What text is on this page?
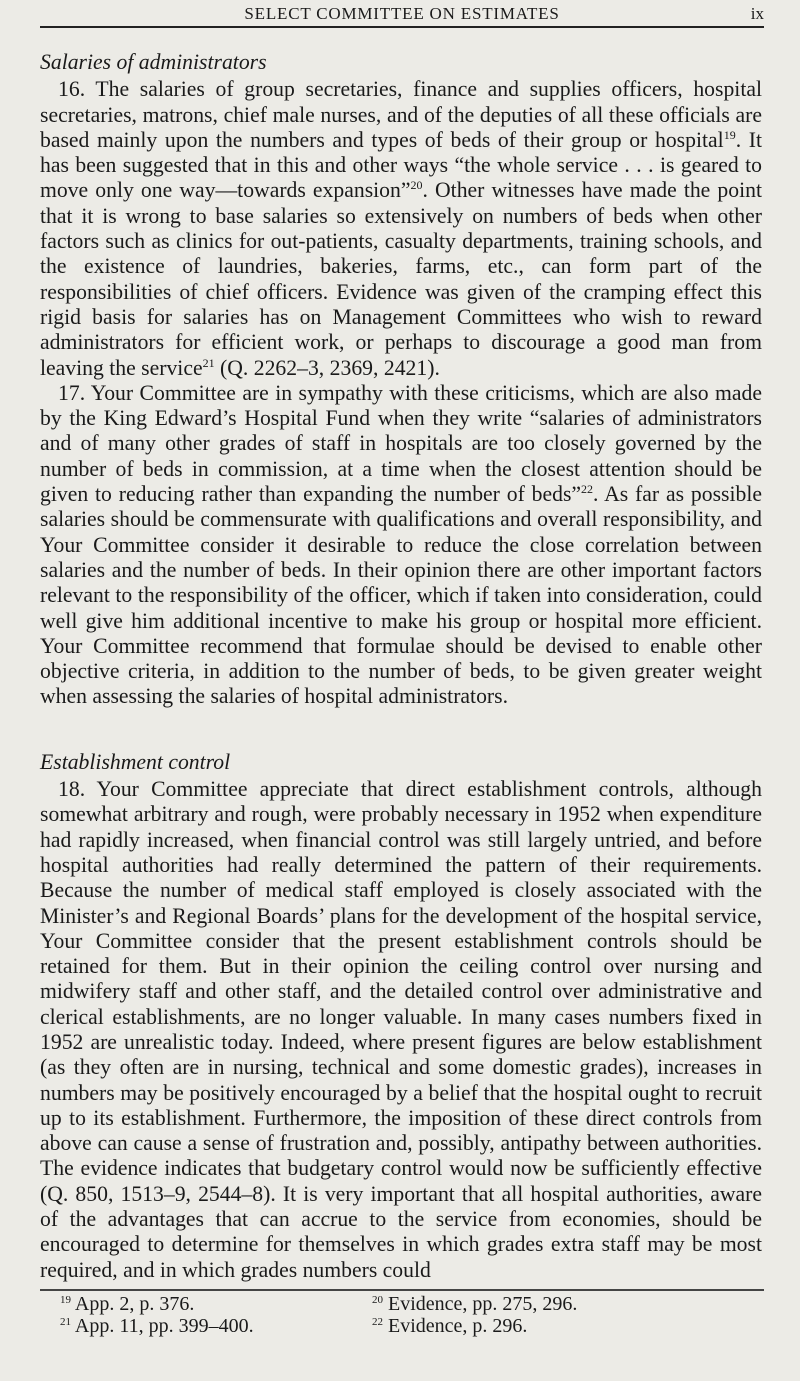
SELECT COMMITTEE ON ESTIMATES	ix
Salaries of administrators

16. The salaries of group secretaries, finance and supplies officers, hospital secretaries, matrons, chief male nurses, and of the deputies of all these officials are based mainly upon the numbers and types of beds of their group or hospital$^{19}$. It has been suggested that in this and other ways “the whole service . . . is geared to move only one way—towards expansion”$^{20}$. Other witnesses have made the point that it is wrong to base salaries so extensively on numbers of beds when other factors such as clinics for out-patients, casualty departments, training schools, and the existence of laundries, bakeries, farms, etc., can form part of the responsibilities of chief officers. Evidence was given of the cramping effect this rigid basis for salaries has on Management Committees who wish to reward administrators for efficient work, or perhaps to discourage a good man from leaving the service$^{21}$ (Q. 2262–3, 2369, 2421).

17. Your Committee are in sympathy with these criticisms, which are also made by the King Edward’s Hospital Fund when they write “salaries of administrators and of many other grades of staff in hospitals are too closely governed by the number of beds in commission, at a time when the closest attention should be given to reducing rather than expanding the number of beds”$^{22}$. As far as possible salaries should be commensurate with qualifications and overall responsibility, and Your Committee consider it desirable to reduce the close correlation between salaries and the number of beds. In their opinion there are other important factors relevant to the responsibility of the officer, which if taken into consideration, could well give him additional incentive to make his group or hospital more efficient. Your Committee recommend that formulae should be devised to enable other objective criteria, in addition to the number of beds, to be given greater weight when assessing the salaries of hospital administrators.

Establishment control

18. Your Committee appreciate that direct establishment controls, although somewhat arbitrary and rough, were probably necessary in 1952 when expenditure had rapidly increased, when financial control was still largely untried, and before hospital authorities had really determined the pattern of their requirements. Because the number of medical staff employed is closely associated with the Minister’s and Regional Boards’ plans for the development of the hospital service, Your Committee consider that the present establishment controls should be retained for them. But in their opinion the ceiling control over nursing and midwifery staff and other staff, and the detailed control over administrative and clerical establishments, are no longer valuable. In many cases numbers fixed in 1952 are unrealistic today. Indeed, where present figures are below establishment (as they often are in nursing, technical and some domestic grades), increases in numbers may be positively encouraged by a belief that the hospital ought to recruit up to its establishment. Furthermore, the imposition of these direct controls from above can cause a sense of frustration and, possibly, antipathy between authorities. The evidence indicates that budgetary control would now be sufficiently effective (Q. 850, 1513–9, 2544–8). It is very important that all hospital authorities, aware of the advantages that can accrue to the service from economies, should be encouraged to determine for themselves in which grades extra staff may be most required, and in which grades numbers could

$^{19}$ App. 2, p. 376.	$^{20}$ Evidence, pp. 275, 296.
$^{21}$ App. 11, pp. 399–400.	$^{22}$ Evidence, p. 296.
